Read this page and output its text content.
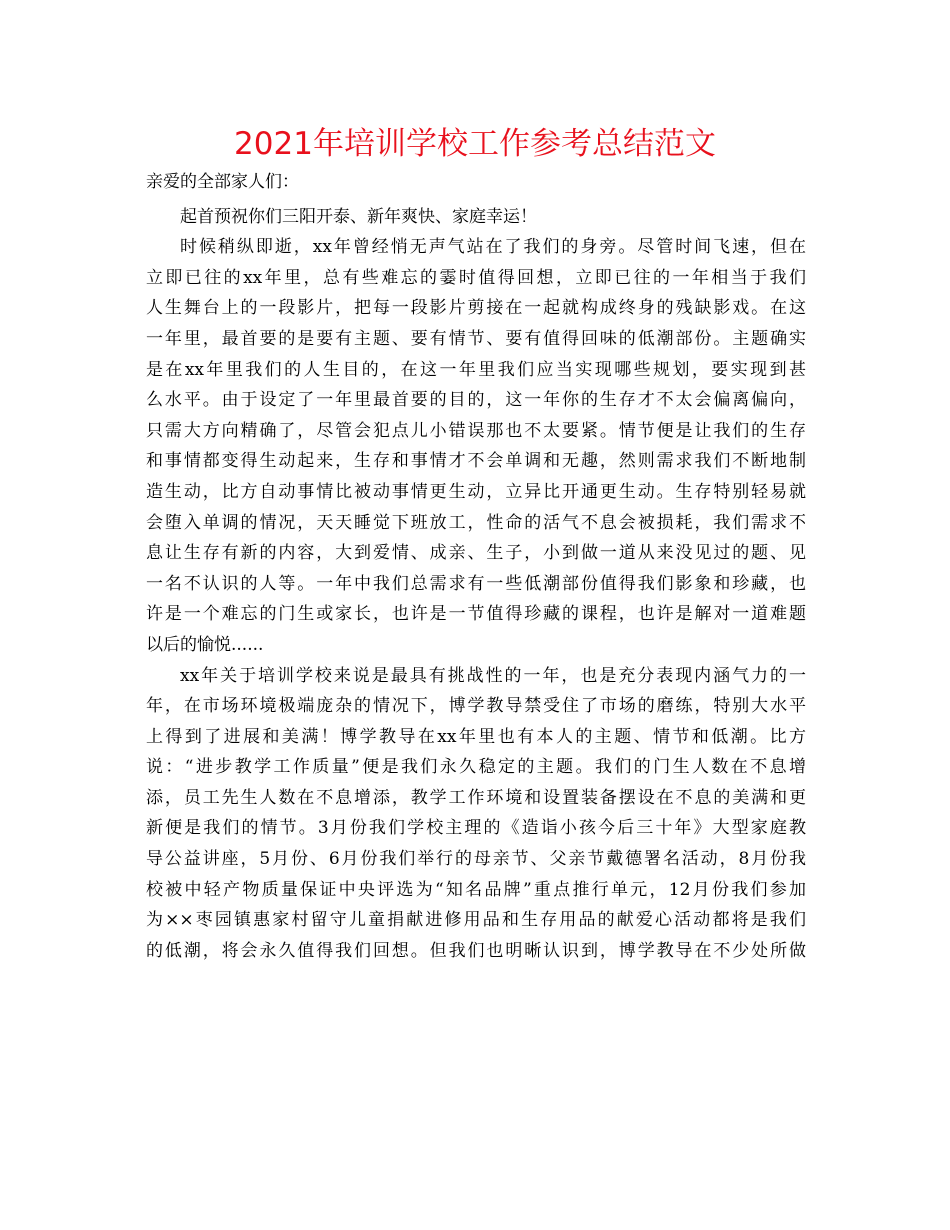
2021年培训学校工作参考总结范文
亲爱的全部家人们：
起首预祝你们三阳开泰、新年爽快、家庭幸运！
时候稍纵即逝，xx年曾经悄无声气站在了我们的身旁。尽管时间飞速，但在
立即已往的xx年里，总有些难忘的霎时值得回想，立即已往的一年相当于我们
人生舞台上的一段影片，把每一段影片剪接在一起就构成终身的残缺影戏。在这
一年里，最首要的是要有主题、要有情节、要有值得回味的低潮部份。主题确实
是在xx年里我们的人生目的，在这一年里我们应当实现哪些规划，要实现到甚
么水平。由于设定了一年里最首要的目的，这一年你的生存才不太会偏离偏向，
只需大方向精确了，尽管会犯点儿小错误那也不太要紧。情节便是让我们的生存
和事情都变得生动起来，生存和事情才不会单调和无趣，然则需求我们不断地制
造生动，比方自动事情比被动事情更生动，立异比开通更生动。生存特别轻易就
会堕入单调的情况，天天睡觉下班放工，性命的活气不息会被损耗，我们需求不
息让生存有新的内容，大到爱情、成亲、生子，小到做一道从来没见过的题、见
一名不认识的人等。一年中我们总需求有一些低潮部份值得我们影象和珍藏，也
许是一个难忘的门生或家长，也许是一节值得珍藏的课程，也许是解对一道难题
以后的愉悦......
xx年关于培训学校来说是最具有挑战性的一年，也是充分表现内涵气力的一
年，在市场环境极端庞杂的情况下，博学教导禁受住了市场的磨练，特别大水平
上得到了进展和美满！博学教导在xx年里也有本人的主题、情节和低潮。比方
说：“进步教学工作质量”便是我们永久稳定的主题。我们的门生人数在不息增
添，员工先生人数在不息增添，教学工作环境和设置装备摆设在不息的美满和更
新便是我们的情节。3月份我们学校主理的《造诣小孩今后三十年》大型家庭教
导公益讲座，5月份、6月份我们举行的母亲节、父亲节戴德署名活动，8月份我
校被中轻产物质量保证中央评选为“知名品牌”重点推行单元，12月份我们参加
为××枣园镇惠家村留守儿童捐献进修用品和生存用品的献爱心活动都将是我们
的低潮，将会永久值得我们回想。但我们也明晰认识到，博学教导在不少处所做
